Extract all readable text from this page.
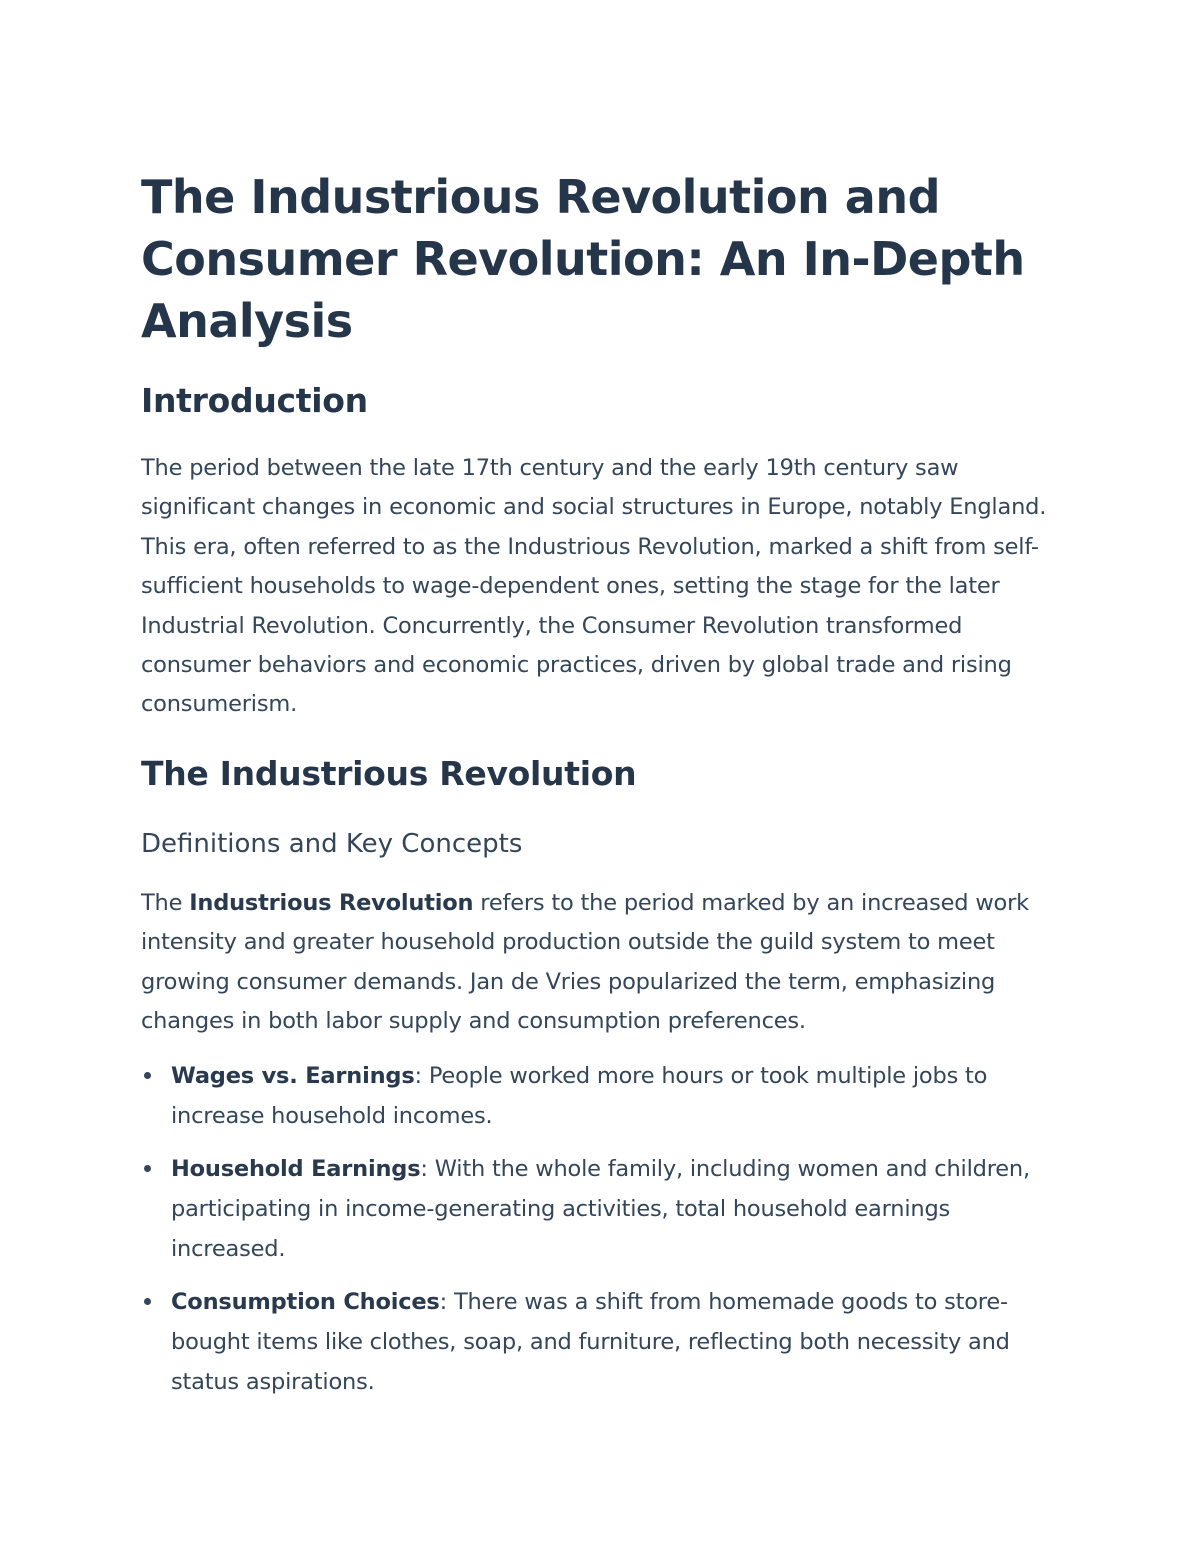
The Industrious Revolution and Consumer Revolution: An In-Depth Analysis
Introduction

The period between the late 17th century and the early 19th century saw significant changes in economic and social structures in Europe, notably England. This era, often referred to as the Industrious Revolution, marked a shift from self-sufficient households to wage-dependent ones, setting the stage for the later Industrial Revolution. Concurrently, the Consumer Revolution transformed consumer behaviors and economic practices, driven by global trade and rising consumerism.

The Industrious Revolution
Definitions and Key Concepts

The Industrious Revolution refers to the period marked by an increased work intensity and greater household production outside the guild system to meet growing consumer demands. Jan de Vries popularized the term, emphasizing changes in both labor supply and consumption preferences.

Wages vs. Earnings: People worked more hours or took multiple jobs to increase household incomes.
Household Earnings: With the whole family, including women and children, participating in income-generating activities, total household earnings increased.
Consumption Choices: There was a shift from homemade goods to store-bought items like clothes, soap, and furniture, reflecting both necessity and status aspirations.
